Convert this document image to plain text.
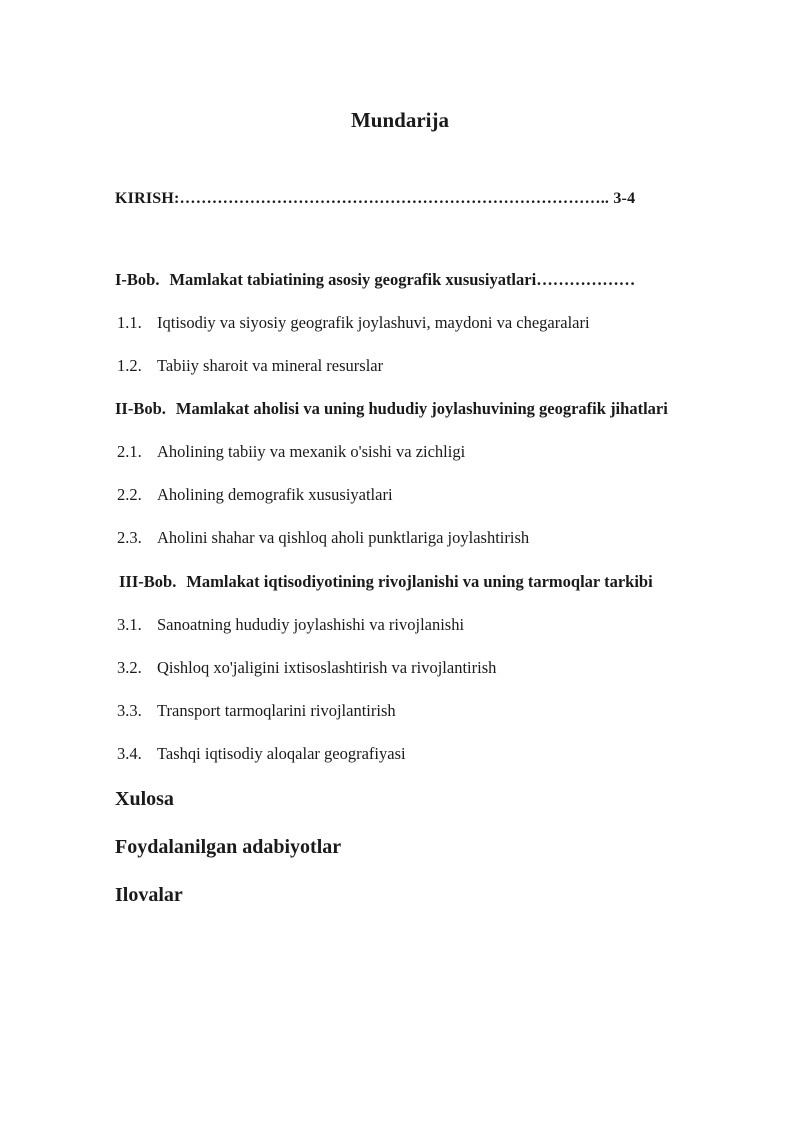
Mundarija
KIRISH:…………………………………………………………………….. 3-4
I-Bob. Mamlakat tabiatining asosiy geografik xususiyatlari………………
1.1. Iqtisodiy va siyosiy geografik joylashuvi, maydoni va chegaralari
1.2. Tabiiy sharoit va mineral resurslar
II-Bob. Mamlakat aholisi va uning hududiy joylashuvining geografik jihatlari
2.1. Aholining tabiiy va mexanik o'sishi va zichligi
2.2. Aholining demografik xususiyatlari
2.3. Aholini shahar va qishloq aholi punktlariga joylashtirish
III-Bob. Mamlakat iqtisodiyotining rivojlanishi va uning tarmoqlar tarkibi
3.1. Sanoatning hududiy joylashishi va rivojlanishi
3.2. Qishloq xo'jaligini ixtisoslashtirish va rivojlantirish
3.3. Transport tarmoqlarini rivojlantirish
3.4. Tashqi iqtisodiy aloqalar geografiyasi
Xulosa
Foydalanilgan adabiyotlar
Ilovalar
